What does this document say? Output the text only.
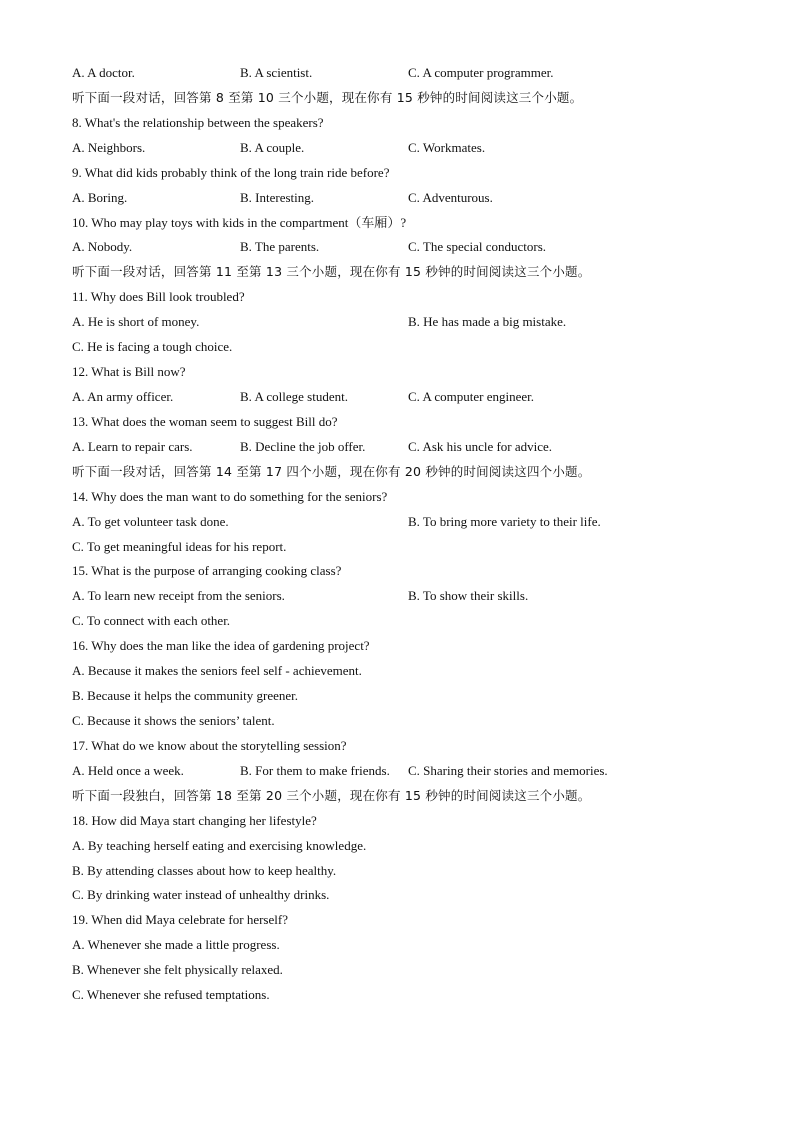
A. A doctor.	B. A scientist.	C. A computer programmer.
听下面一段对话，回答第 8 至第 10 三个小题，现在你有 15 秒钟的时间阅读这三个小题。
8. What's the relationship between the speakers?
A. Neighbors.	B. A couple.	C. Workmates.
9. What did kids probably think of the long train ride before?
A. Boring.	B. Interesting.	C. Adventurous.
10. Who may play toys with kids in the compartment（车厢）?
A. Nobody.	B. The parents.	C. The special conductors.
听下面一段对话，回答第 11 至第 13 三个小题，现在你有 15 秒钟的时间阅读这三个小题。
11. Why does Bill look troubled?
A. He is short of money.	B. He has made a big mistake.
C. He is facing a tough choice.
12. What is Bill now?
A. An army officer.	B. A college student.	C. A computer engineer.
13. What does the woman seem to suggest Bill do?
A. Learn to repair cars.	B. Decline the job offer.	C. Ask his uncle for advice.
听下面一段对话，回答第 14 至第 17 四个小题，现在你有 20 秒钟的时间阅读这四个小题。
14. Why does the man want to do something for the seniors?
A. To get volunteer task done.	B. To bring more variety to their life.
C. To get meaningful ideas for his report.
15. What is the purpose of arranging cooking class?
A. To learn new receipt from the seniors.	B. To show their skills.
C. To connect with each other.
16. Why does the man like the idea of gardening project?
A. Because it makes the seniors feel self - achievement.
B. Because it helps the community greener.
C. Because it shows the seniors’ talent.
17. What do we know about the storytelling session?
A. Held once a week.	B. For them to make friends. C. Sharing their stories and memories.
听下面一段独白，回答第 18 至第 20 三个小题，现在你有 15 秒钟的时间阅读这三个小题。
18. How did Maya start changing her lifestyle?
A. By teaching herself eating and exercising knowledge.
B. By attending classes about how to keep healthy.
C. By drinking water instead of unhealthy drinks.
19. When did Maya celebrate for herself?
A. Whenever she made a little progress.
B. Whenever she felt physically relaxed.
C. Whenever she refused temptations.
